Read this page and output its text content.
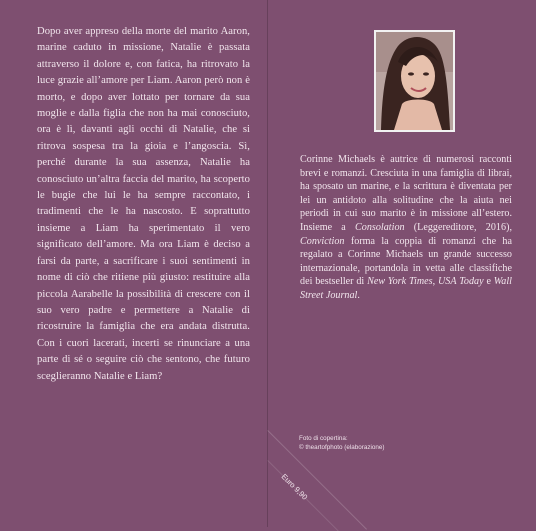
Dopo aver appreso della morte del marito Aaron, marine caduto in missione, Natalie è passata attraverso il dolore e, con fatica, ha ritrovato la luce grazie all’amore per Liam. Aaron però non è morto, e dopo aver lottato per tornare da sua moglie e dalla figlia che non ha mai conosciuto, ora è lì, davanti agli occhi di Natalie, che si ritrova sospesa tra la gioia e l’angoscia. Sì, perché durante la sua assenza, Natalie ha conosciuto un’altra faccia del marito, ha scoperto le bugie che lui le ha sempre raccontato, i tradimenti che le ha nascosto. E soprattutto insieme a Liam ha sperimentato il vero significato dell’amore. Ma ora Liam è deciso a farsi da parte, a sacrificare i suoi sentimenti in nome di ciò che ritiene più giusto: restituire alla piccola Aarabelle la possibilità di crescere con il suo vero padre e permettere a Natalie di ricostruire la famiglia che era andata distrutta. Con i cuori lacerati, incerti se rinunciare a una parte di sé o seguire ciò che sentono, che futuro sceglieranno Natalie e Liam?
Corinne Michaels è autrice di numerosi racconti brevi e romanzi. Cresciuta in una famiglia di librai, ha sposato un marine, e la scrittura è diventata per lei un antidoto alla solitudine che la aiuta nei periodi in cui suo marito è in missione all’estero. Insieme a Consolation (Leggereditore, 2016), Conviction forma la coppia di romanzi che ha regalato a Corinne Michaels un grande successo internazionale, portandola in vetta alle classifiche dei bestseller di New York Times, USA Today e Wall Street Journal.
Foto di copertina:
© theartofphoto (elaborazione)
Euro 9,90
